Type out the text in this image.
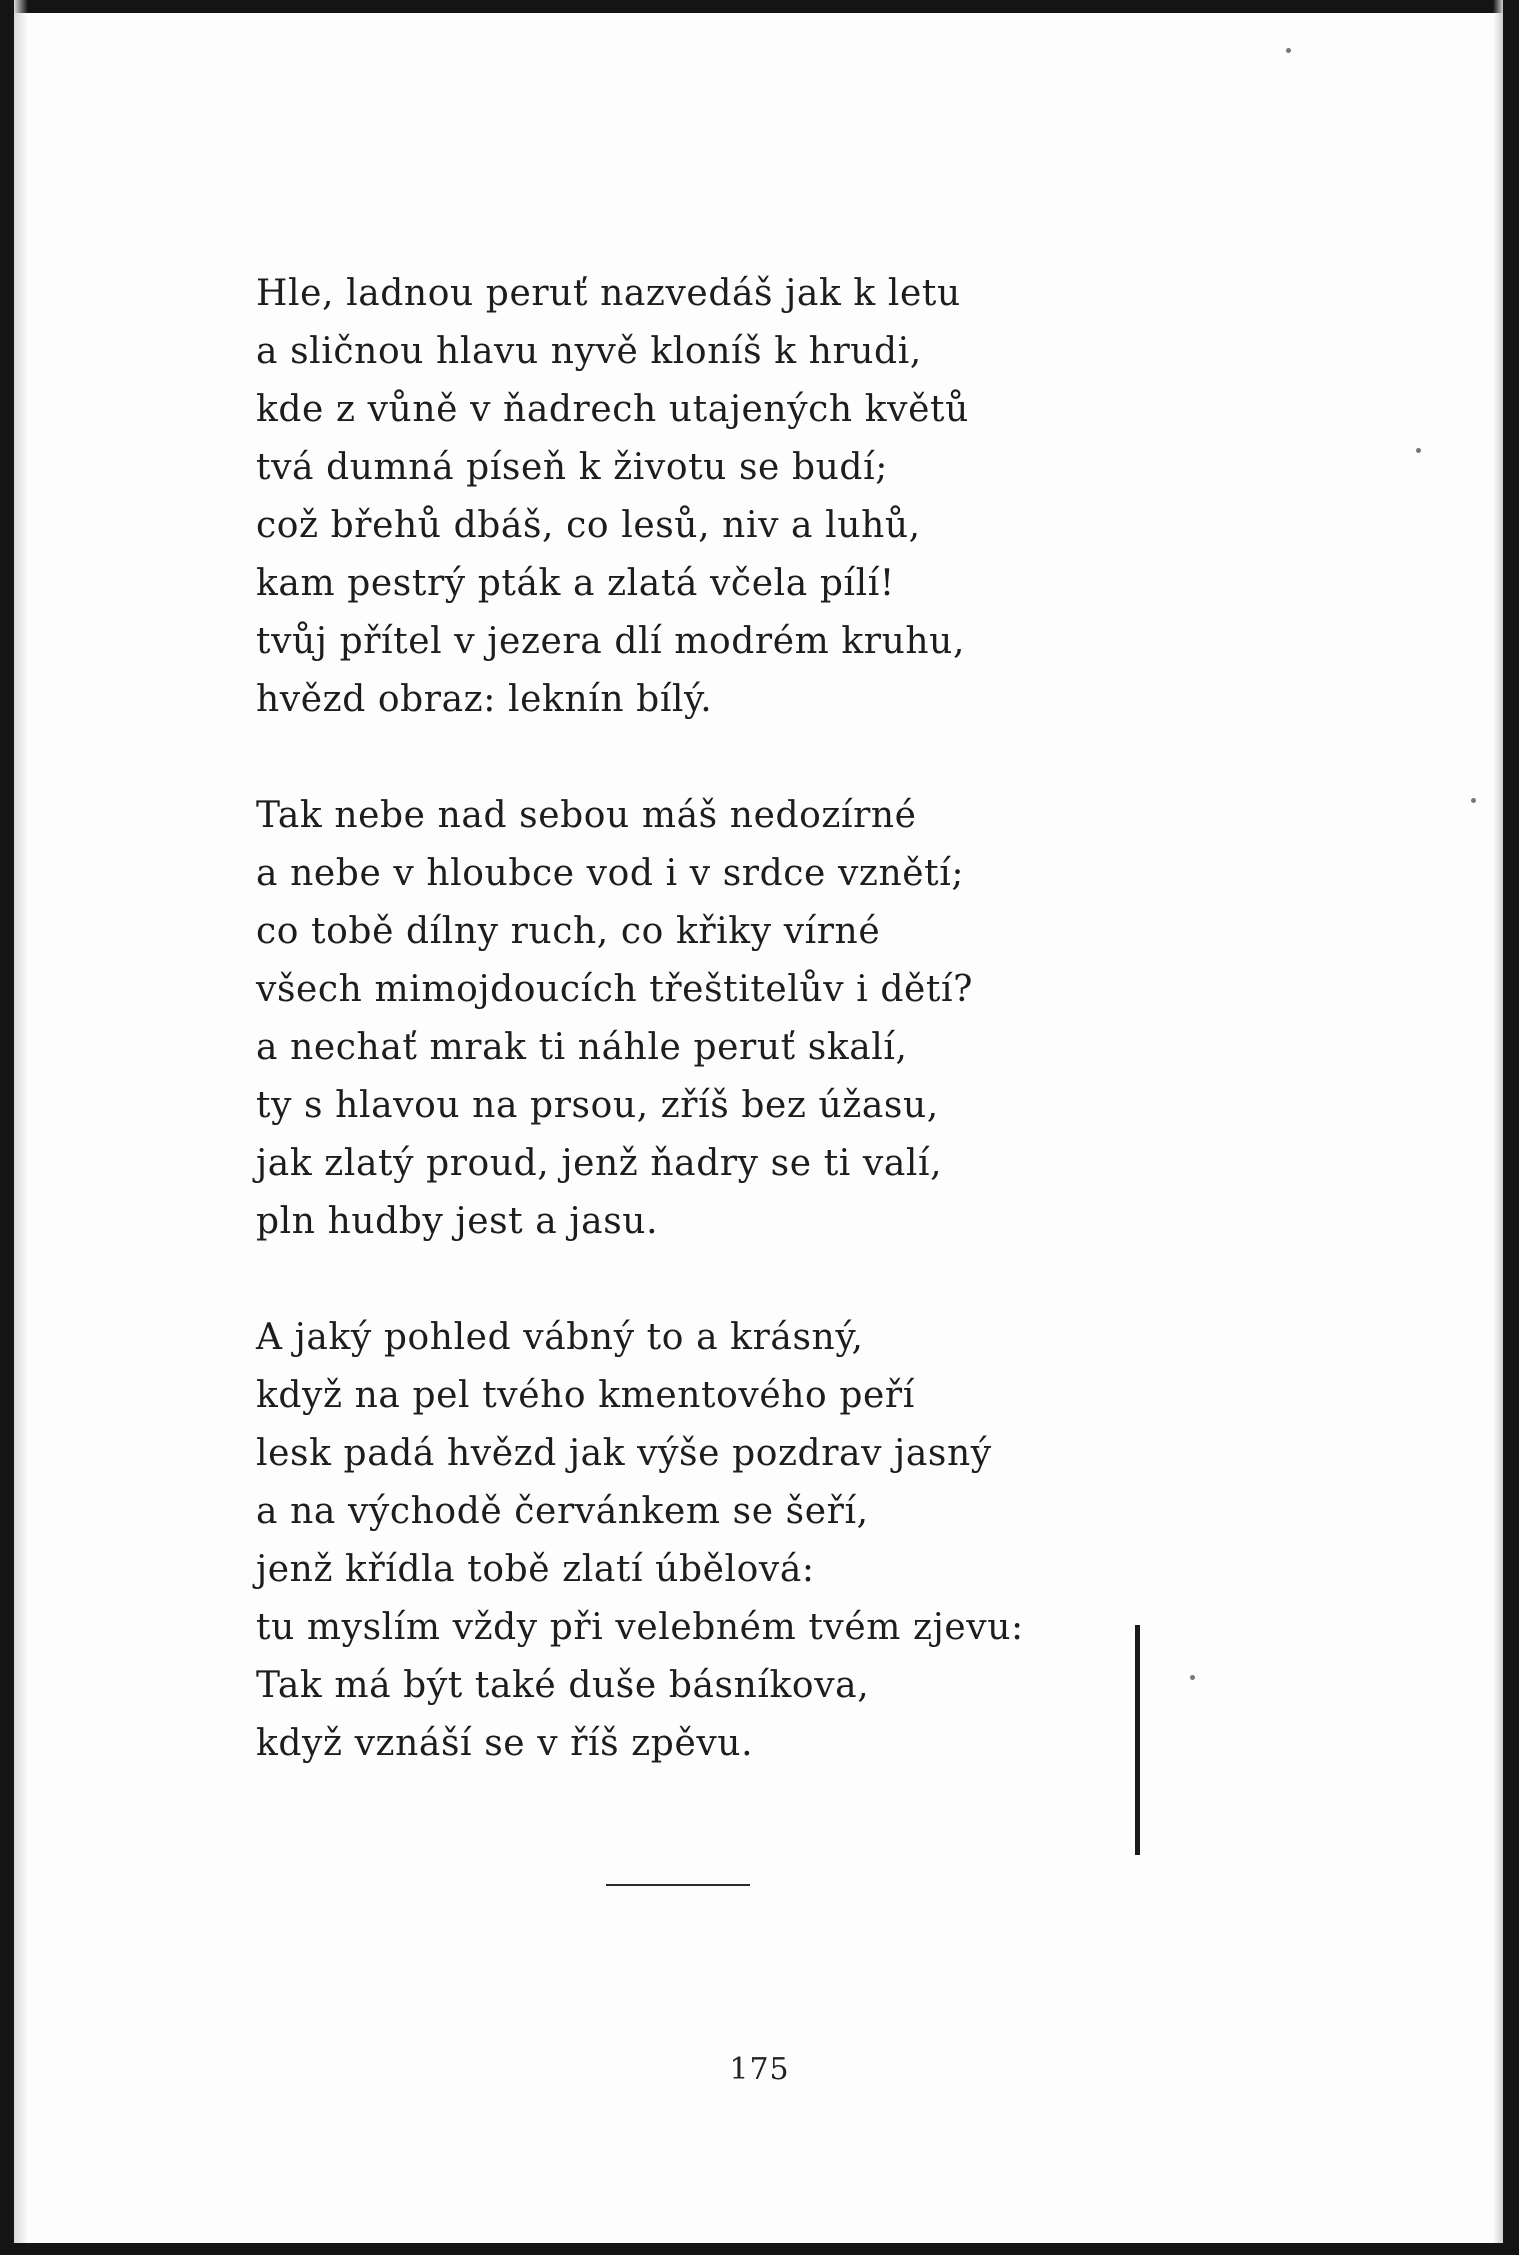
Hle, ladnou peruť nazvedáš jak k letu
a sličnou hlavu nyvě kloníš k hrudi,
kde z vůně v ňadrech utajených květů
tvá dumná píseň k životu se budí;
což břehů dbáš, co lesů, niv a luhů,
kam pestrý pták a zlatá včela pílí!
tvůj přítel v jezera dlí modrém kruhu,
hvězd obraz: leknín bílý.
Tak nebe nad sebou máš nedozírné
a nebe v hloubce vod i v srdce vznětí;
co tobě dílny ruch, co křiky vírné
všech mimojdoucích třeštitelův i dětí?
a nechať mrak ti náhle peruť skalí,
ty s hlavou na prsou, zříš bez úžasu,
jak zlatý proud, jenž ňadry se ti valí,
pln hudby jest a jasu.
A jaký pohled vábný to a krásný,
když na pel tvého kmentového peří
lesk padá hvězd jak výše pozdrav jasný
a na východě červánkem se šeří,
jenž křídla tobě zlatí úbělová:
tu myslím vždy při velebném tvém zjevu:
Tak má být také duše básníkova,
když vznáší se v říš zpěvu.
175
